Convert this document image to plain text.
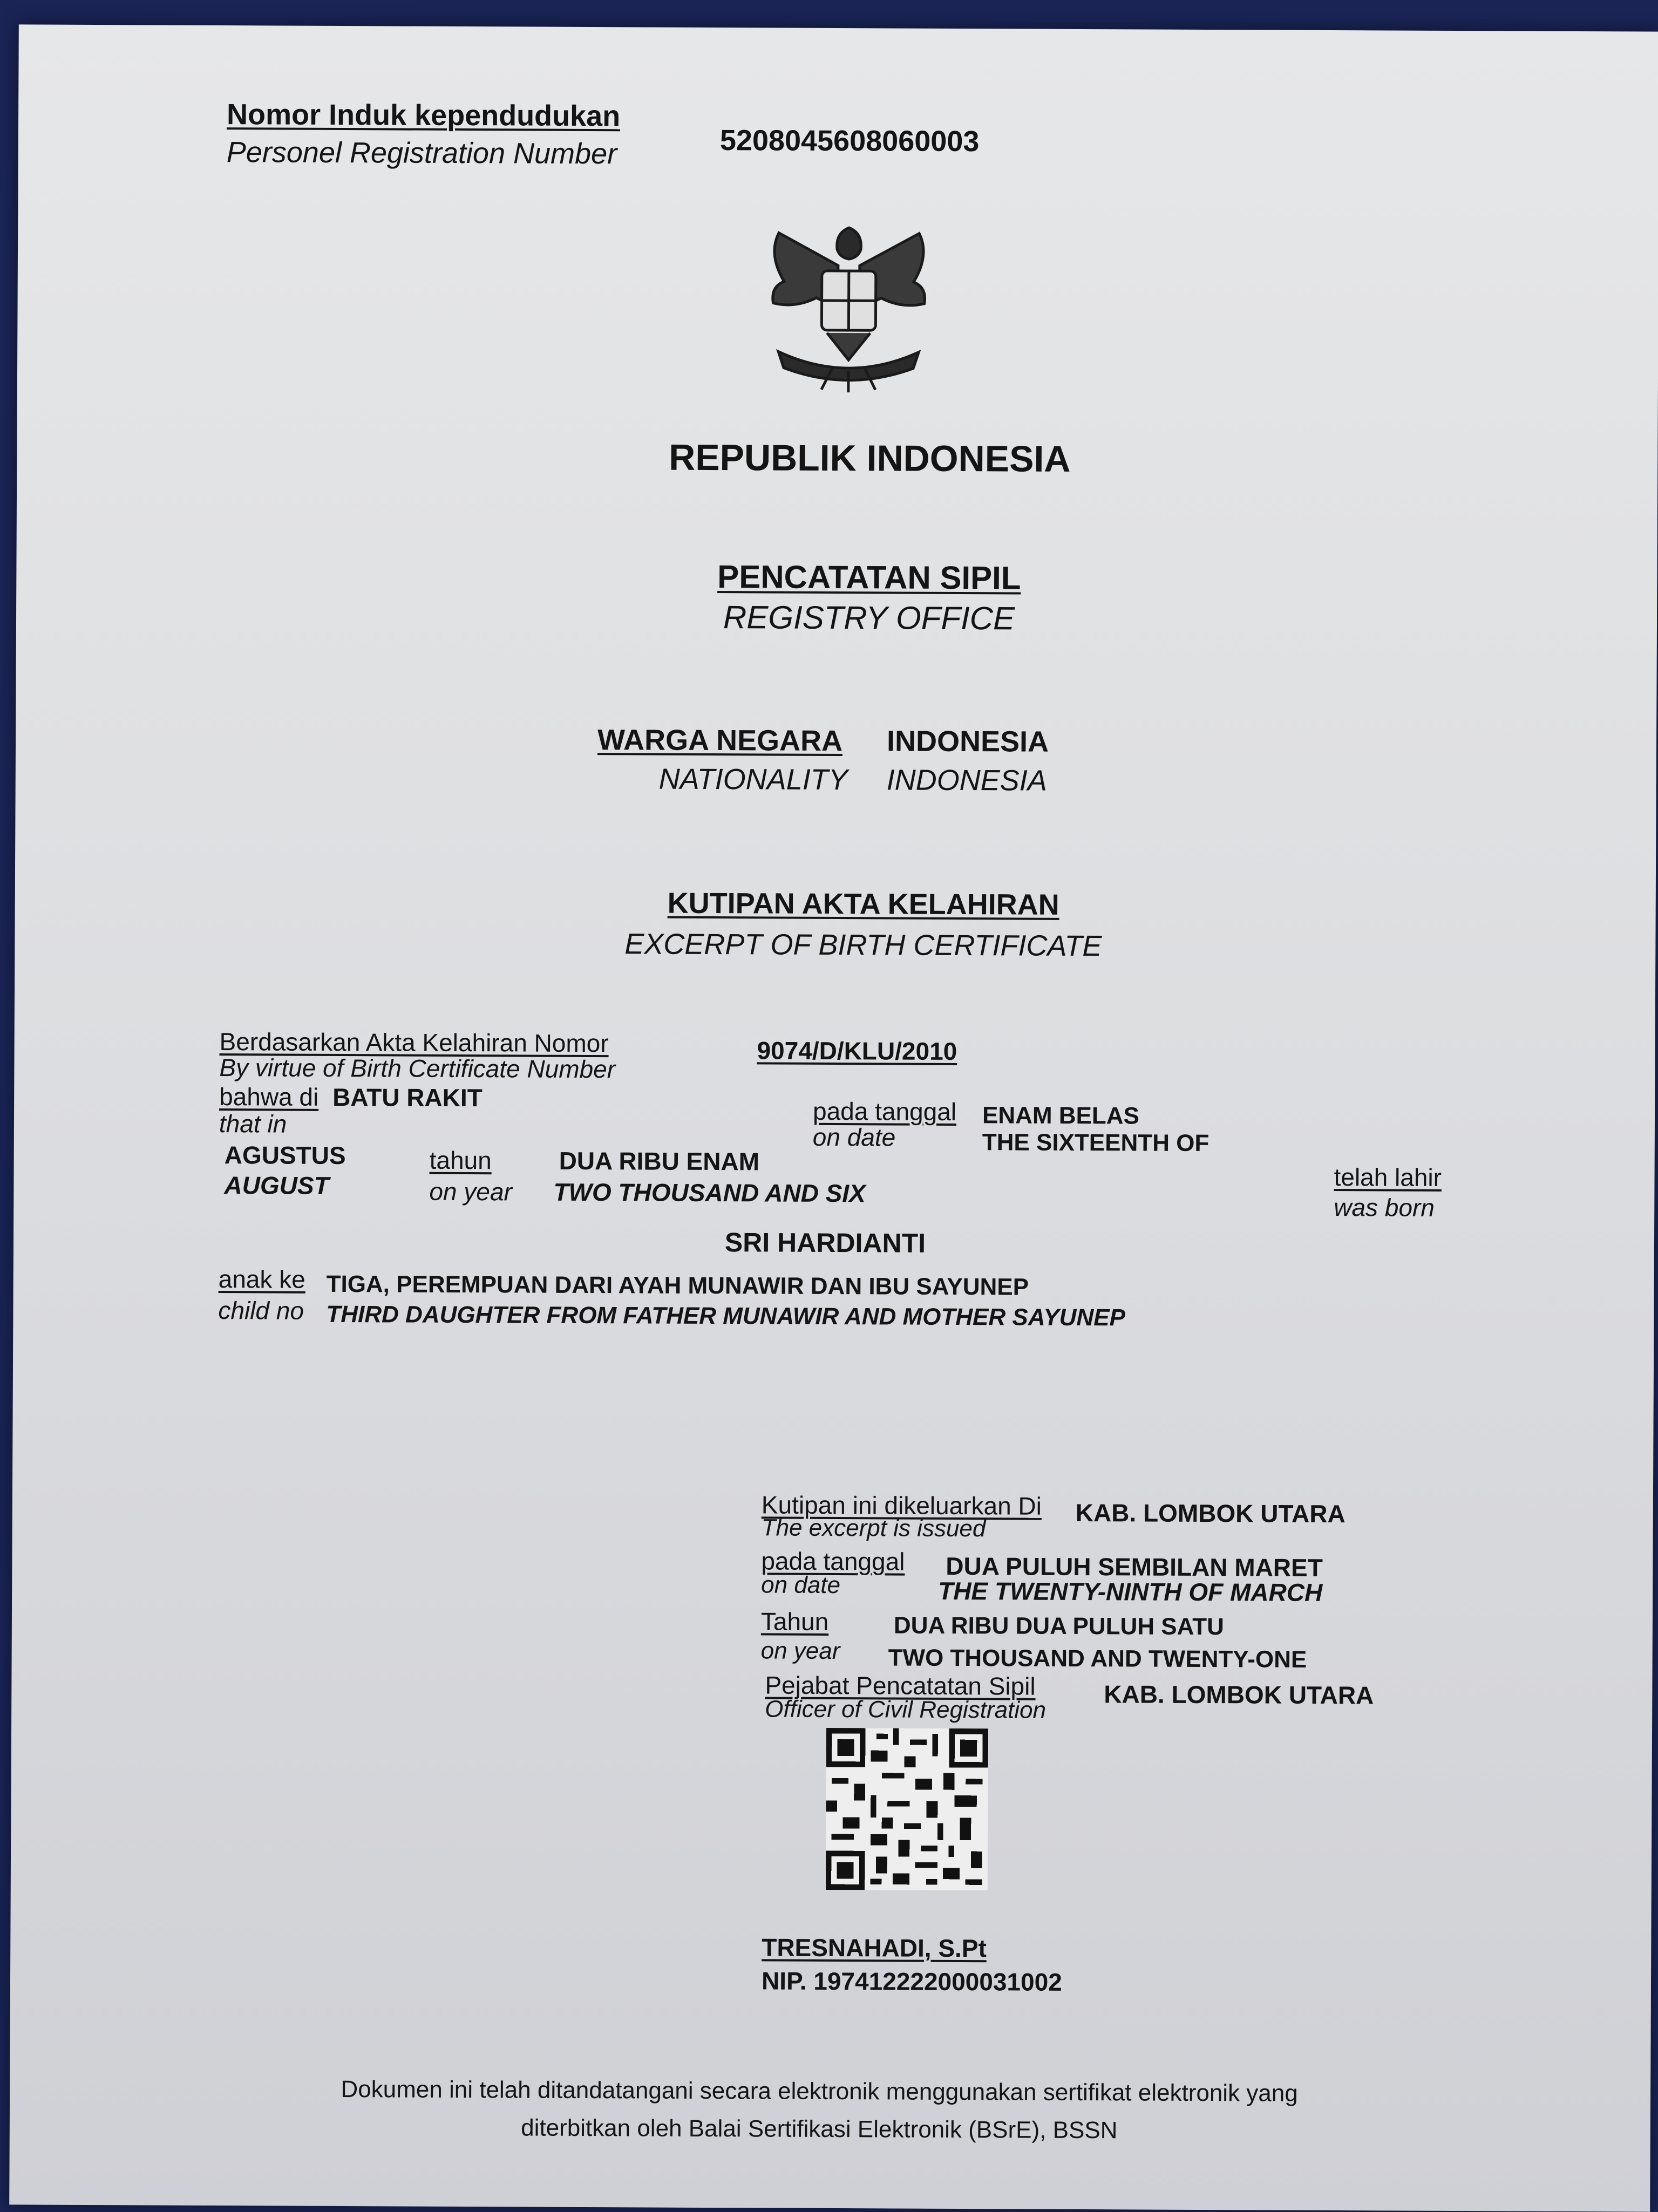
Nomor Induk kependudukan
Personel Registration Number	5208045608060003
REPUBLIK INDONESIA
PENCATATAN SIPIL
REGISTRY OFFICE
WARGA NEGARA INDONESIA
NATIONALITY INDONESIA
KUTIPAN AKTA KELAHIRAN
EXCERPT OF BIRTH CERTIFICATE
Berdasarkan Akta Kelahiran Nomor
By virtue of Birth Certificate Number
9074/D/KLU/2010
bahwa di BATU RAKIT
that in	pada tanggal
on date
ENAM BELAS
THE SIXTEENTH OF
AGUSTUS
AUGUST
tahun
on year
DUA RIBU ENAM
TWO THOUSAND AND SIX
telah lahir
was born
SRI HARDIANTI
anak ke
child no
TIGA, PEREMPUAN DARI AYAH MUNAWIR DAN IBU SAYUNEP
THIRD DAUGHTER FROM FATHER MUNAWIR AND MOTHER SAYUNEP
Kutipan ini dikeluarkan Di
The excerpt is issued
KAB. LOMBOK UTARA
pada tanggal
on date
DUA PULUH SEMBILAN MARET
THE TWENTY-NINTH OF MARCH
Tahun
on year
DUA RIBU DUA PULUH SATU
TWO THOUSAND AND TWENTY-ONE
Pejabat Pencatatan Sipil
Officer of Civil Registration
KAB. LOMBOK UTARA
TRESNAHADI, S.Pt
NIP. 197412222000031002
Dokumen ini telah ditandatangani secara elektronik menggunakan sertifikat elektronik yang
diterbitkan oleh Balai Sertifikasi Elektronik (BSrE), BSSN
